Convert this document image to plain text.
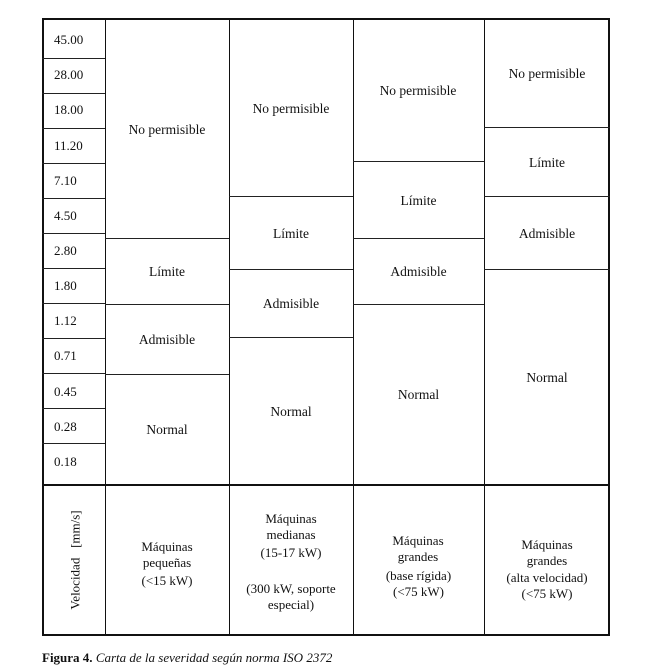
45.00
28.00
18.00
11.20
7.10
4.50
2.80
1.80
1.12
0.71
0.45
0.28
0.18
No permisible
Límite
Admisible
Normal
No permisible
Límite
Admisible
Normal
No permisible
Límite
Admisible
Normal
No permisible
Límite
Admisible
Normal
Velocidad   [mm/s]	Máquinas pequeñas
(<15 kW)
Máquinas medianas
(15-17 kW)
(300 kW, soporte especial)
Máquinas grandes
(base rígida)
(<75 kW)
Máquinas grandes
(alta velocidad)
(<75 kW)
Figura 4. Carta de la severidad según norma ISO 2372
